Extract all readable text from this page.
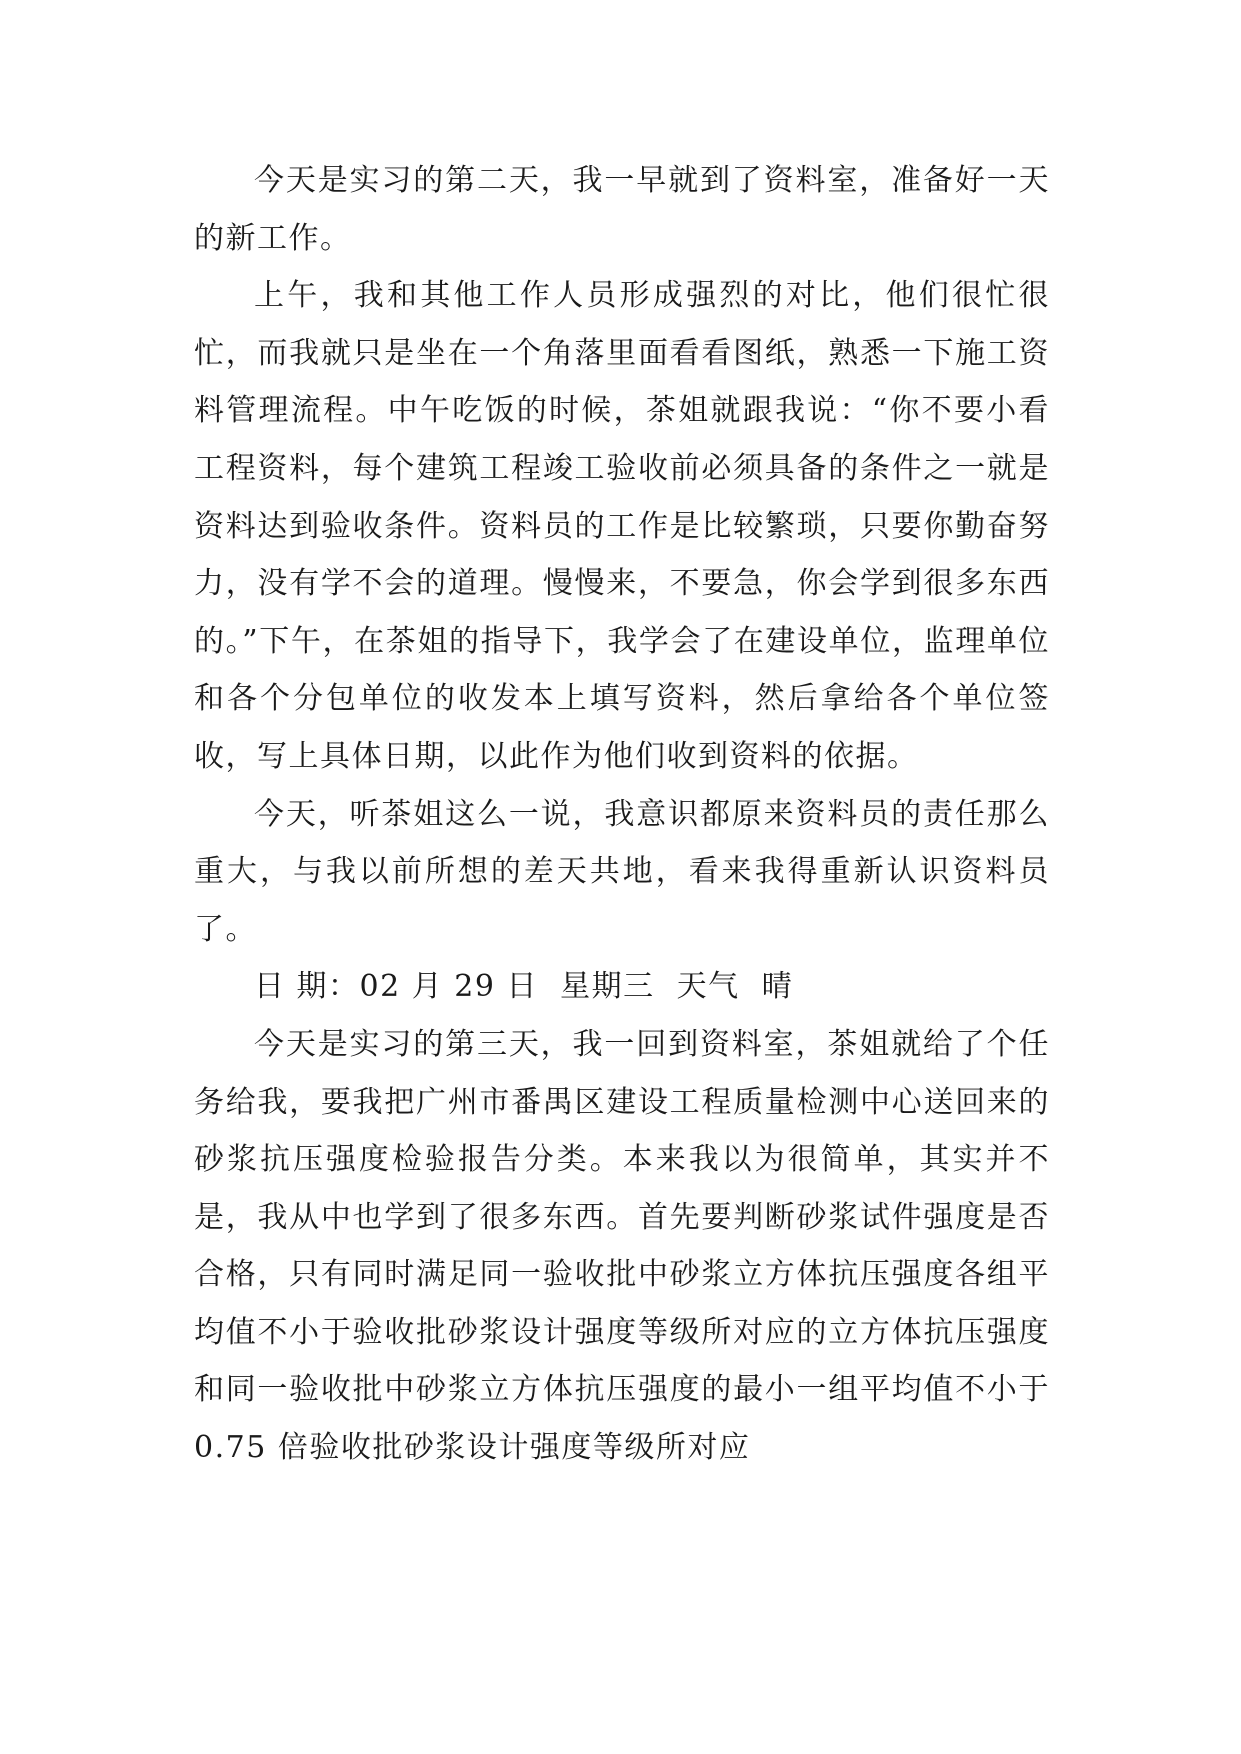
今天是实习的第二天，我一早就到了资料室，准备好一天的新工作。

上午，我和其他工作人员形成强烈的对比，他们很忙很忙，而我就只是坐在一个角落里面看看图纸，熟悉一下施工资料管理流程。中午吃饭的时候，茶姐就跟我说：“你不要小看工程资料，每个建筑工程竣工验收前必须具备的条件之一就是资料达到验收条件。资料员的工作是比较繁琐，只要你勤奋努力，没有学不会的道理。慢慢来，不要急，你会学到很多东西的。”下午，在茶姐的指导下，我学会了在建设单位，监理单位和各个分包单位的收发本上填写资料，然后拿给各个单位签收，写上具体日期，以此作为他们收到资料的依据。

今天，听茶姐这么一说，我意识都原来资料员的责任那么重大，与我以前所想的差天共地，看来我得重新认识资料员了。

日 期：02 月 29 日  星期三  天气  晴

今天是实习的第三天，我一回到资料室，茶姐就给了个任务给我，要我把广州市番禺区建设工程质量检测中心送回来的砂浆抗压强度检验报告分类。本来我以为很简单，其实并不是，我从中也学到了很多东西。首先要判断砂浆试件强度是否合格，只有同时满足同一验收批中砂浆立方体抗压强度各组平均值不小于验收批砂浆设计强度等级所对应的立方体抗压强度和同一验收批中砂浆立方体抗压强度的最小一组平均值不小于 0.75 倍验收批砂浆设计强度等级所对应
